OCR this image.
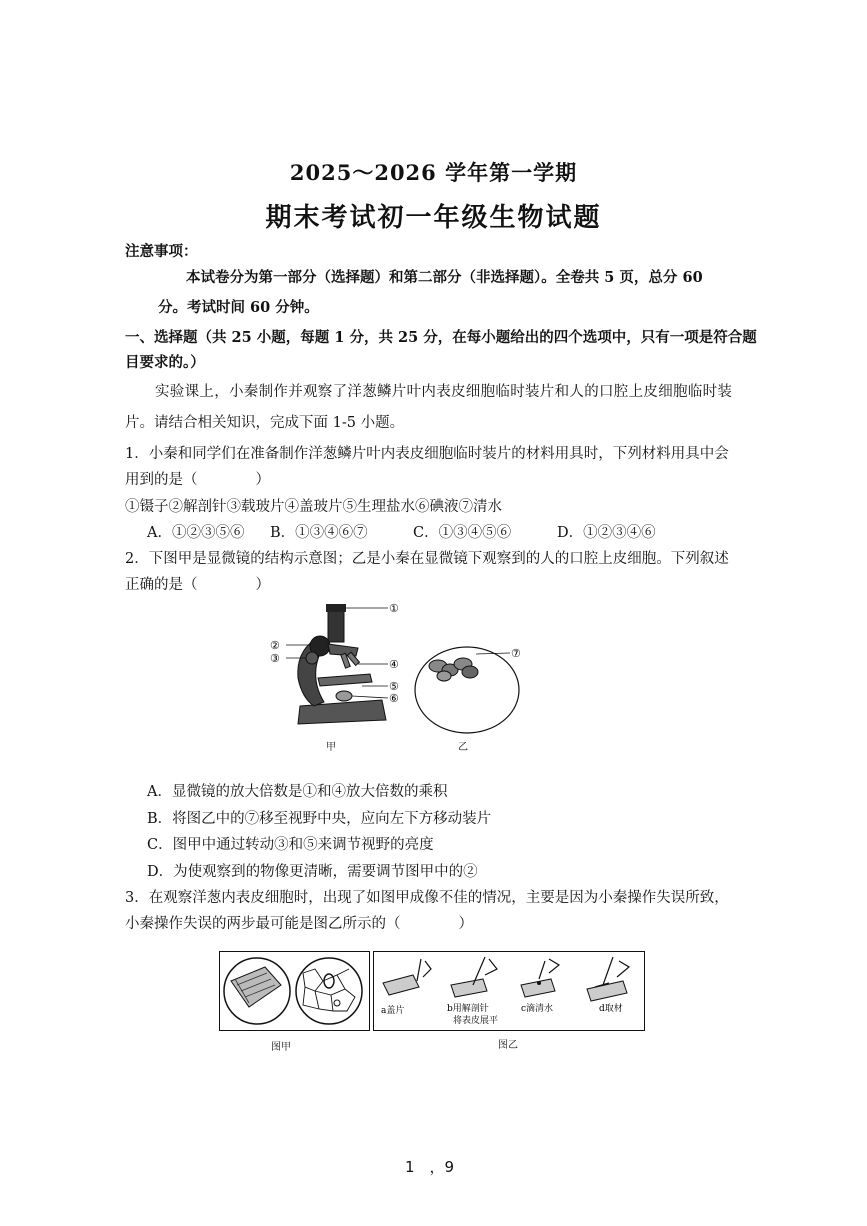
2025～2026 学年第一学期
期末考试初一年级生物试题
注意事项：
本试卷分为第一部分（选择题）和第二部分（非选择题）。全卷共 5 页，总分 60
分。考试时间 60 分钟。
一、选择题（共 25 小题，每题 1 分，共 25 分，在每小题给出的四个选项中，只有一项是符合题
目要求的。）
实验课上，小秦制作并观察了洋葱鳞片叶内表皮细胞临时装片和人的口腔上皮细胞临时装
片。请结合相关知识，完成下面 1-5 小题。
1．小秦和同学们在准备制作洋葱鳞片叶内表皮细胞临时装片的材料用具时，下列材料用具中会
用到的是（　　　　）
①镊子②解剖针③载玻片④盖玻片⑤生理盐水⑥碘液⑦清水
A．①②③⑤⑥ B．①③④⑥⑦	C．①③④⑤⑥	D．①②③④⑥
2．下图甲是显微镜的结构示意图；乙是小秦在显微镜下观察到的人的口腔上皮细胞。下列叙述
正确的是（　　　　）
①
②
③	④
⑤
⑥
甲
⑦
乙
A．显微镜的放大倍数是①和④放大倍数的乘积
B．将图乙中的⑦移至视野中央，应向左下方移动装片
C．图甲中通过转动③和⑤来调节视野的亮度
D．为使观察到的物像更清晰，需要调节图甲中的②
3．在观察洋葱内表皮细胞时，出现了如图甲成像不佳的情况，主要是因为小秦操作失误所致，
小秦操作失误的两步最可能是图乙所示的（　　　　）
图甲
a盖片	b用解剖针
将表皮展平
c滴清水	d取材
图乙
1　，9
